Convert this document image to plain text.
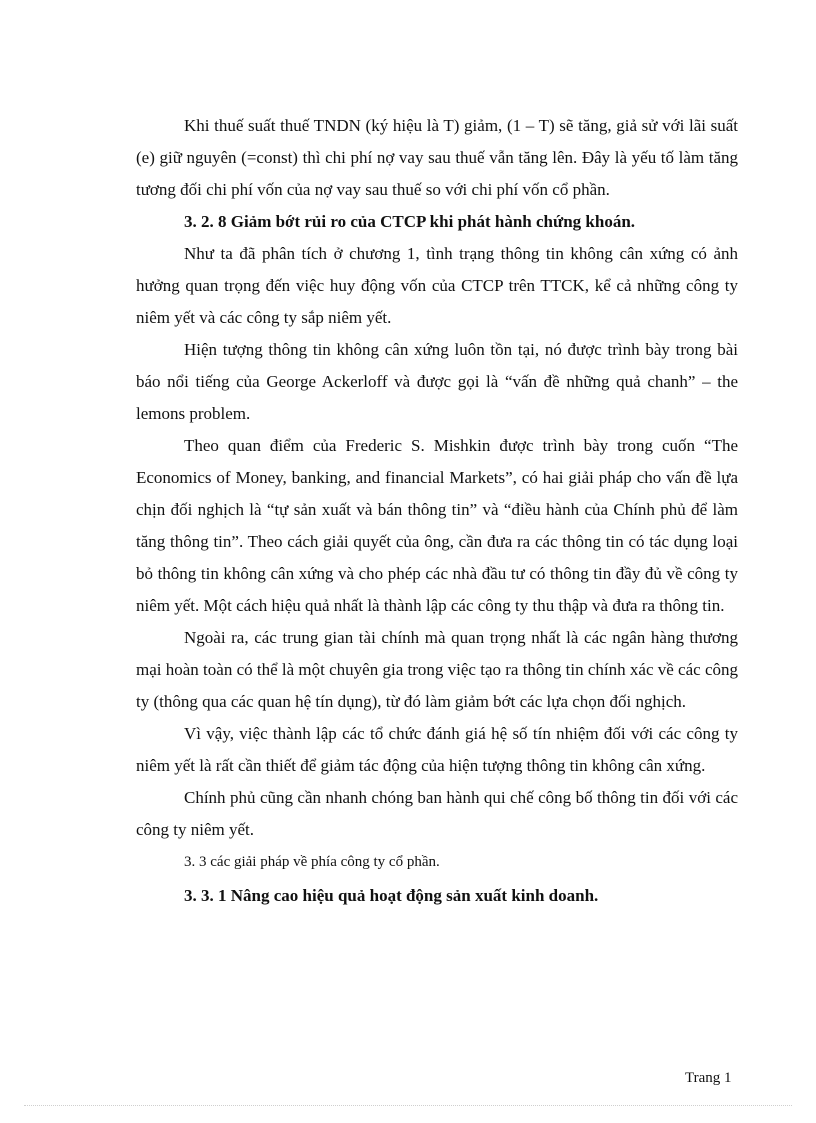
Khi thuế suất thuế TNDN (ký hiệu là T) giảm, (1 – T) sẽ tăng, giả sử với lãi suất (e) giữ nguyên (=const) thì chi phí nợ vay sau thuế vẫn tăng lên. Đây là yếu tố làm tăng tương đối chi phí vốn của nợ vay sau thuế so với chi phí vốn cổ phần.

3. 2. 8 Giảm bớt rủi ro của CTCP khi phát hành chứng khoán.

Như ta đã phân tích ở chương 1, tình trạng thông tin không cân xứng có ảnh hưởng quan trọng đến việc huy động vốn của CTCP trên TTCK, kể cả những công ty niêm yết và các công ty sắp niêm yết.

Hiện tượng thông tin không cân xứng luôn tồn tại, nó được trình bày trong bài báo nổi tiếng của George Ackerloff và được gọi là “vấn đề những quả chanh” – the lemons problem.

Theo quan điểm của Frederic S. Mishkin được trình bày trong cuốn “The Economics of Money, banking, and financial Markets”, có hai giải pháp cho vấn đề lựa chịn đối nghịch là “tự sản xuất và bán thông tin” và “điều hành của Chính phủ để làm tăng thông tin”. Theo cách giải quyết của ông, cần đưa ra các thông tin có tác dụng loại bỏ thông tin không cân xứng và cho phép các nhà đầu tư có thông tin đầy đủ về công ty niêm yết. Một cách hiệu quả nhất là thành lập các công ty thu thập và đưa ra thông tin.

Ngoài ra, các trung gian tài chính mà quan trọng nhất là các ngân hàng thương mại hoàn toàn có thể là một chuyên gia trong việc tạo ra thông tin chính xác về các công ty (thông qua các quan hệ tín dụng), từ đó làm giảm bớt các lựa chọn đối nghịch.

Vì vậy, việc thành lập các tổ chức đánh giá hệ số tín nhiệm đối với các công ty niêm yết là rất cần thiết để giảm tác động của hiện tượng thông tin không cân xứng.

Chính phủ cũng cần nhanh chóng ban hành qui chế công bố thông tin đối với các công ty niêm yết.

3. 3 các giải pháp về phía công ty cổ phần.

3. 3. 1 Nâng cao hiệu quả hoạt động sản xuất kinh doanh.

Trang 1
